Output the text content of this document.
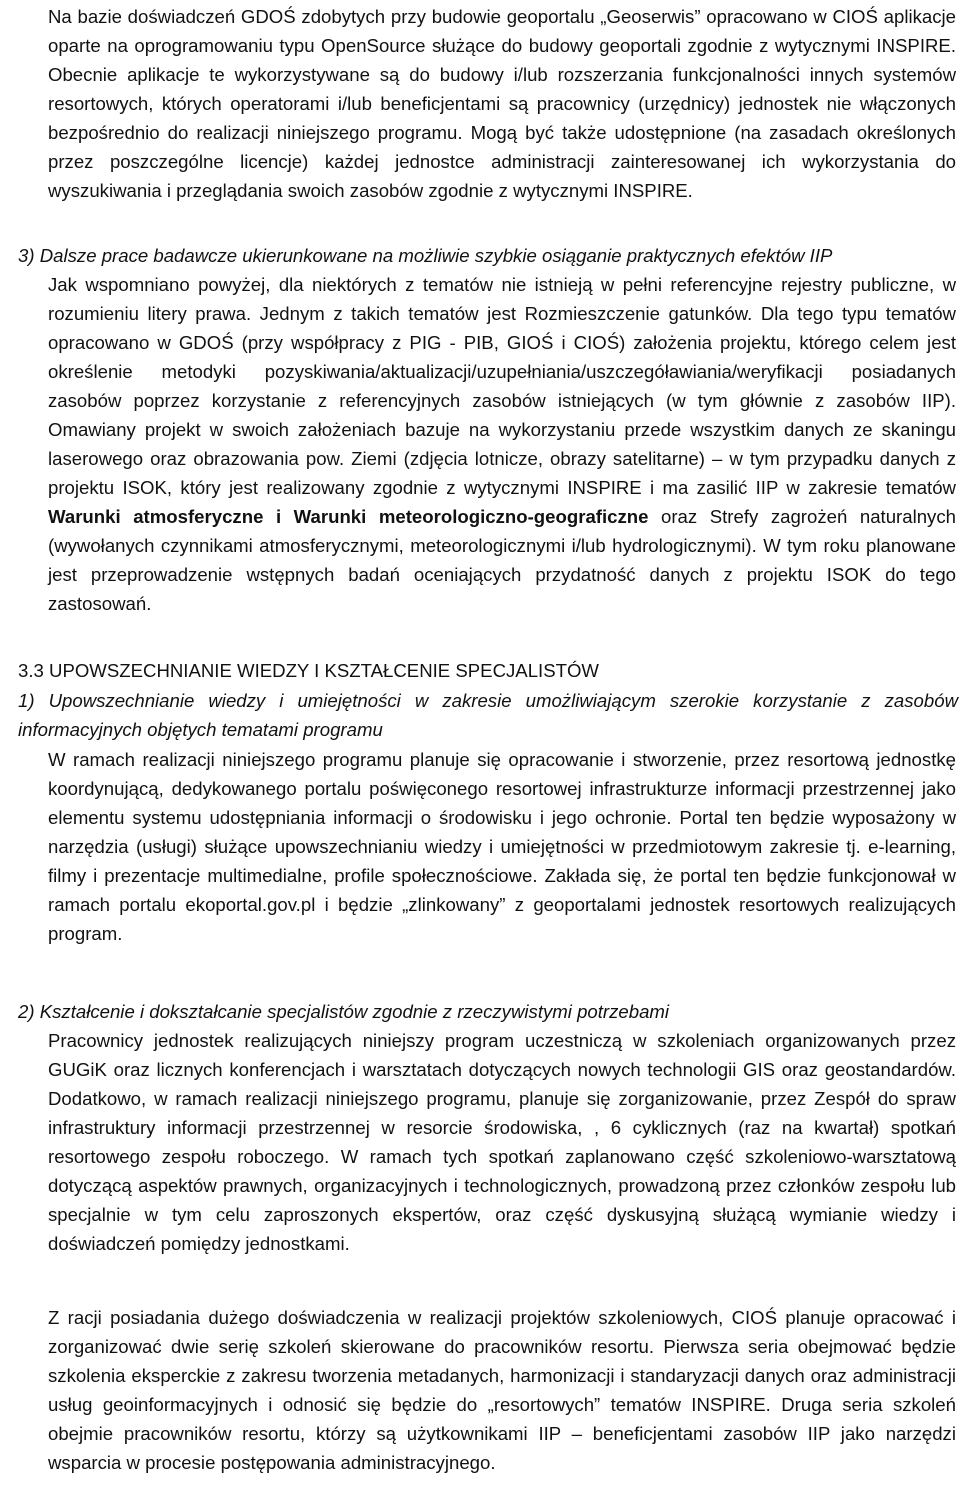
Na bazie doświadczeń GDOŚ zdobytych przy budowie geoportalu „Geoserwis” opracowano w CIOŚ aplikacje oparte na oprogramowaniu typu OpenSource służące do budowy geoportali zgodnie z wytycznymi INSPIRE. Obecnie aplikacje te wykorzystywane są do budowy i/lub rozszerzania funkcjonalności innych systemów resortowych, których operatorami i/lub beneficjentami są pracownicy (urzędnicy) jednostek nie włączonych bezpośrednio do realizacji niniejszego programu. Mogą być także udostępnione (na zasadach określonych przez poszczególne licencje) każdej jednostce administracji zainteresowanej ich wykorzystania do wyszukiwania i przeglądania swoich zasobów zgodnie z wytycznymi INSPIRE.

3) Dalsze prace badawcze ukierunkowane na możliwie szybkie osiąganie praktycznych efektów IIP

Jak wspomniano powyżej, dla niektórych z tematów nie istnieją w pełni referencyjne rejestry publiczne, w rozumieniu litery prawa. Jednym z takich tematów jest Rozmieszczenie gatunków. Dla tego typu tematów opracowano w GDOŚ (przy współpracy z PIG - PIB, GIOŚ i CIOŚ) założenia projektu, którego celem jest określenie metodyki pozyskiwania/aktualizacji/uzupełniania/uszczegóławiania/weryfikacji posiadanych zasobów poprzez korzystanie z referencyjnych zasobów istniejących (w tym głównie z zasobów IIP). Omawiany projekt w swoich założeniach bazuje na wykorzystaniu przede wszystkim danych ze skaningu laserowego oraz obrazowania pow. Ziemi (zdjęcia lotnicze, obrazy satelitarne) – w tym przypadku danych z projektu ISOK, który jest realizowany zgodnie z wytycznymi INSPIRE i ma zasilić IIP w zakresie tematów Warunki atmosferyczne i Warunki meteorologiczno-geograficzne oraz Strefy zagrożeń naturalnych (wywołanych czynnikami atmosferycznymi, meteorologicznymi i/lub hydrologicznymi). W tym roku planowane jest przeprowadzenie wstępnych badań oceniających przydatność danych z projektu ISOK do tego zastosowań.

3.3 UPOWSZECHNIANIE WIEDZY I KSZTAŁCENIE SPECJALISTÓW

1) Upowszechnianie wiedzy i umiejętności w zakresie umożliwiającym szerokie korzystanie z zasobów informacyjnych objętych tematami programu

W ramach realizacji niniejszego programu planuje się opracowanie i stworzenie, przez resortową jednostkę koordynującą, dedykowanego portalu poświęconego resortowej infrastrukturze informacji przestrzennej jako elementu systemu udostępniania informacji o środowisku i jego ochronie. Portal ten będzie wyposażony w narzędzia (usługi) służące upowszechnianiu wiedzy i umiejętności w przedmiotowym zakresie tj. e-learning, filmy i prezentacje multimedialne, profile społecznościowe. Zakłada się, że portal ten będzie funkcjonował w ramach portalu ekoportal.gov.pl i będzie „zlinkowany” z geoportalami jednostek resortowych realizujących program.

2) Kształcenie i dokształcanie specjalistów zgodnie z rzeczywistymi potrzebami

Pracownicy jednostek realizujących niniejszy program uczestniczą w szkoleniach organizowanych przez GUGiK oraz licznych konferencjach i warsztatach dotyczących nowych technologii GIS oraz geostandardów. Dodatkowo, w ramach realizacji niniejszego programu, planuje się zorganizowanie, przez Zespół do spraw infrastruktury informacji przestrzennej w resorcie środowiska, , 6 cyklicznych (raz na kwartał) spotkań resortowego zespołu roboczego. W ramach tych spotkań zaplanowano część szkoleniowo-warsztatową dotyczącą aspektów prawnych, organizacyjnych i technologicznych, prowadzoną przez członków zespołu lub specjalnie w tym celu zaproszonych ekspertów, oraz część dyskusyjną służącą wymianie wiedzy i doświadczeń pomiędzy jednostkami.

Z racji posiadania dużego doświadczenia w realizacji projektów szkoleniowych, CIOŚ planuje opracować i zorganizować dwie serię szkoleń skierowane do pracowników resortu. Pierwsza seria obejmować będzie szkolenia eksperckie z zakresu tworzenia metadanych, harmonizacji i standaryzacji danych oraz administracji usług geoinformacyjnych i odnosić się będzie do „resortowych” tematów INSPIRE. Druga seria szkoleń obejmie pracowników resortu, którzy są użytkownikami IIP – beneficjentami zasobów IIP jako narzędzi wsparcia w procesie postępowania administracyjnego.
